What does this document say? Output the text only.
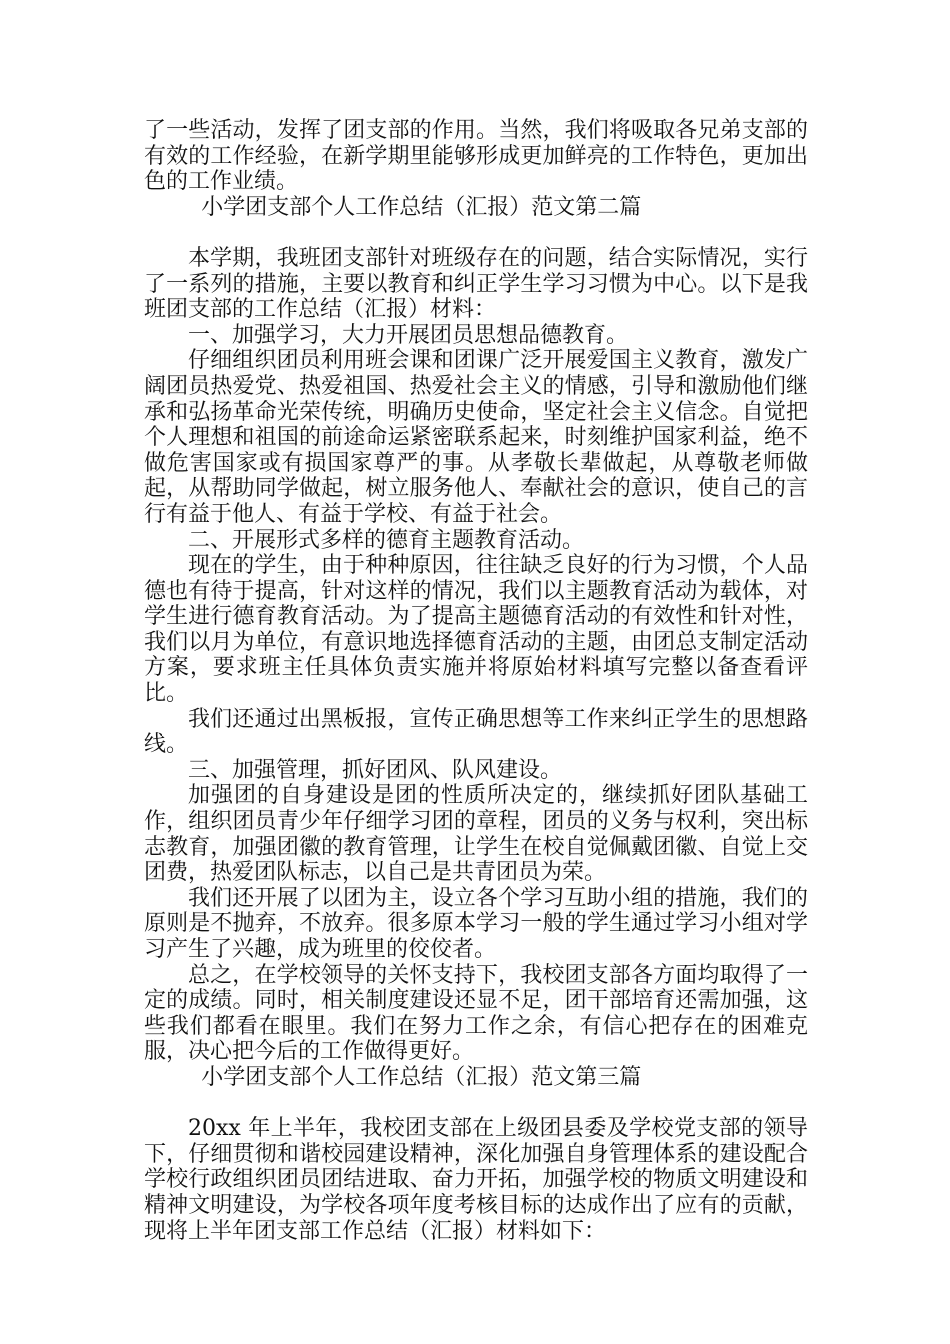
了一些活动，发挥了团支部的作用。当然，我们将吸取各兄弟支部的有效的工作经验，在新学期里能够形成更加鲜亮的工作特色，更加出色的工作业绩。

小学团支部个人工作总结（汇报）范文第二篇

本学期，我班团支部针对班级存在的问题，结合实际情况，实行了一系列的措施，主要以教育和纠正学生学习习惯为中心。以下是我班团支部的工作总结（汇报）材料：

一、加强学习，大力开展团员思想品德教育。

仔细组织团员利用班会课和团课广泛开展爱国主义教育，激发广阔团员热爱党、热爱祖国、热爱社会主义的情感，引导和激励他们继承和弘扬革命光荣传统，明确历史使命，坚定社会主义信念。自觉把个人理想和祖国的前途命运紧密联系起来，时刻维护国家利益，绝不做危害国家或有损国家尊严的事。从孝敬长辈做起，从尊敬老师做起，从帮助同学做起，树立服务他人、奉献社会的意识，使自己的言行有益于他人、有益于学校、有益于社会。

二、开展形式多样的德育主题教育活动。

现在的学生，由于种种原因，往往缺乏良好的行为习惯，个人品德也有待于提高，针对这样的情况，我们以主题教育活动为载体，对学生进行德育教育活动。为了提高主题德育活动的有效性和针对性，我们以月为单位，有意识地选择德育活动的主题，由团总支制定活动方案，要求班主任具体负责实施并将原始材料填写完整以备查看评比。

我们还通过出黑板报，宣传正确思想等工作来纠正学生的思想路线。

三、加强管理，抓好团风、队风建设。

加强团的自身建设是团的性质所决定的，继续抓好团队基础工作，组织团员青少年仔细学习团的章程，团员的义务与权利，突出标志教育，加强团徽的教育管理，让学生在校自觉佩戴团徽、自觉上交团费，热爱团队标志，以自己是共青团员为荣。

我们还开展了以团为主，设立各个学习互助小组的措施，我们的原则是不抛弃，不放弃。很多原本学习一般的学生通过学习小组对学习产生了兴趣，成为班里的佼佼者。

总之，在学校领导的关怀支持下，我校团支部各方面均取得了一定的成绩。同时，相关制度建设还显不足，团干部培育还需加强，这些我们都看在眼里。我们在努力工作之余，有信心把存在的困难克服，决心把今后的工作做得更好。

小学团支部个人工作总结（汇报）范文第三篇

20xx 年上半年，我校团支部在上级团县委及学校党支部的领导下，仔细贯彻和谐校园建设精神，深化加强自身管理体系的建设配合学校行政组织团员团结进取、奋力开拓，加强学校的物质文明建设和精神文明建设，为学校各项年度考核目标的达成作出了应有的贡献，现将上半年团支部工作总结（汇报）材料如下：
